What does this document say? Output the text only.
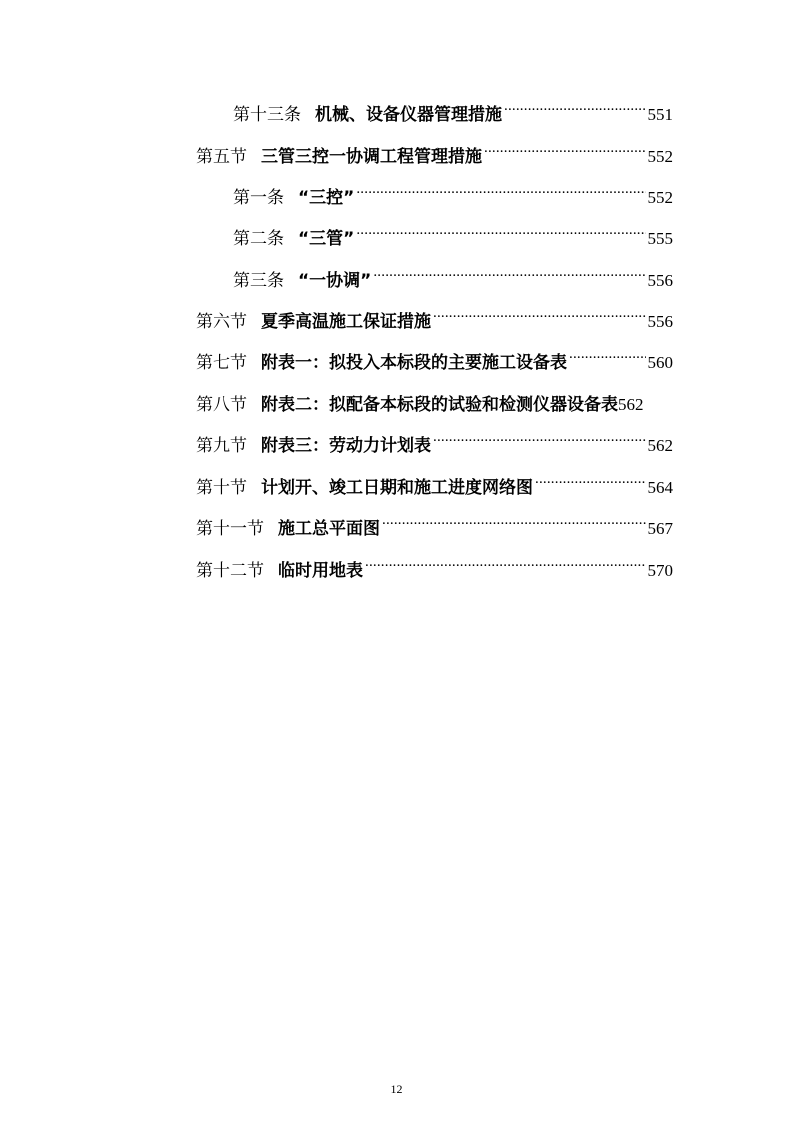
第十三条 机械、设备仪器管理措施 .....	551
第五节 三管三控一协调工程管理措施 .....	552
第一条 “三控” .....	552
第二条 “三管” .....	555
第三条 “一协调” .....	556
第六节 夏季高温施工保证措施 .....	556
第七节 附表一：拟投入本标段的主要施工设备表 .....	560
第八节 附表二：拟配备本标段的试验和检测仪器设备表 562
第九节 附表三：劳动力计划表 .....	562
第十节 计划开、竣工日期和施工进度网络图 .....	564
第十一节 施工总平面图 .....	567
第十二节 临时用地表 .....	570
12
